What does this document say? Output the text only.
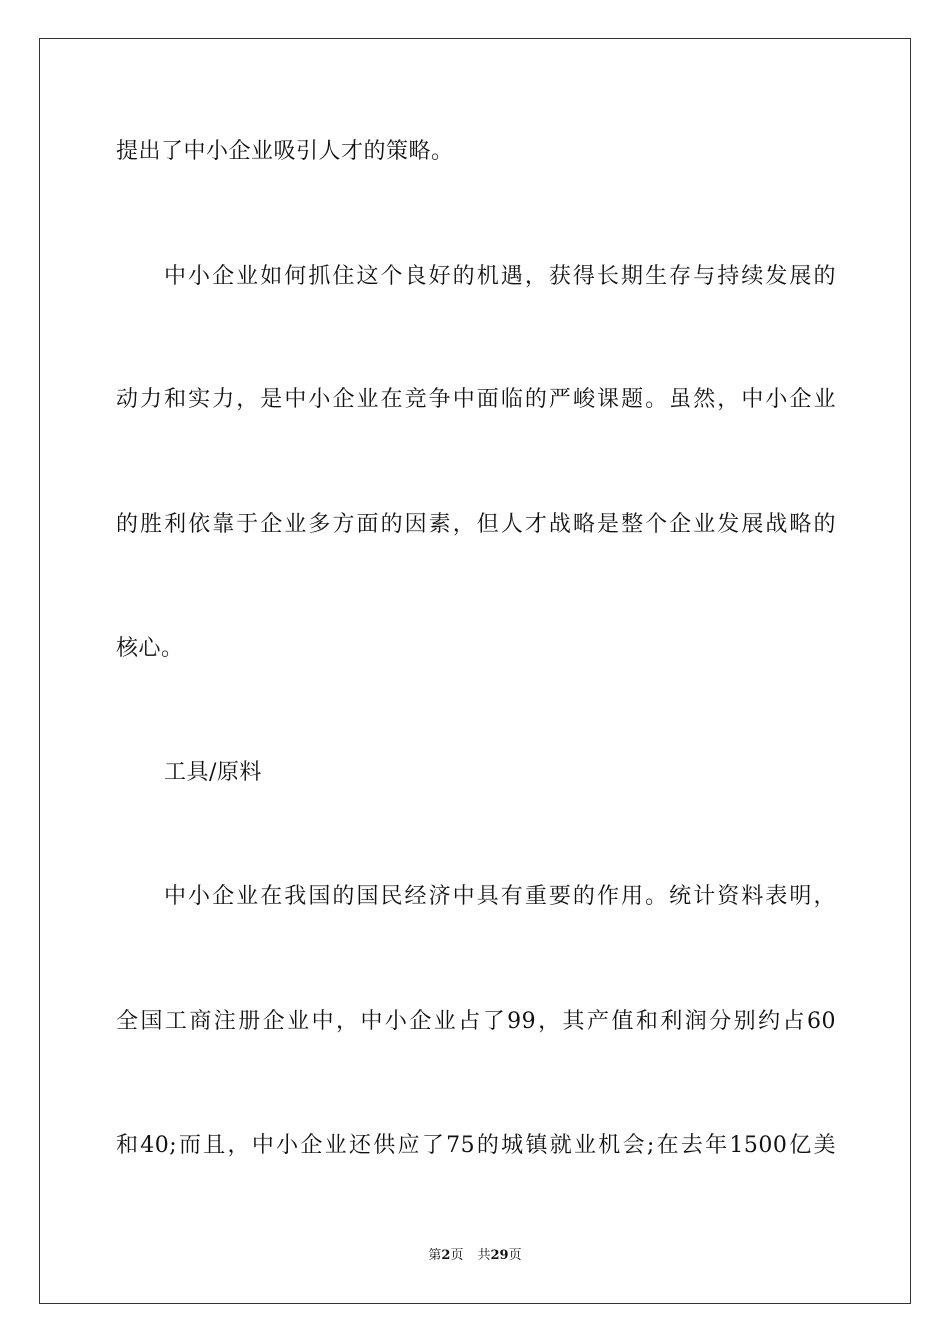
提出了中小企业吸引人才的策略。
中小企业如何抓住这个良好的机遇，获得长期生存与持续发展的
动力和实力，是中小企业在竞争中面临的严峻课题。虽然，中小企业
的胜利依靠于企业多方面的因素，但人才战略是整个企业发展战略的
核心。
工具/原料
中小企业在我国的国民经济中具有重要的作用。统计资料表明，
全国工商注册企业中，中小企业占了99，其产值和利润分别约占60
和40;而且，中小企业还供应了75的城镇就业机会;在去年1500亿美
第2页 共29页
